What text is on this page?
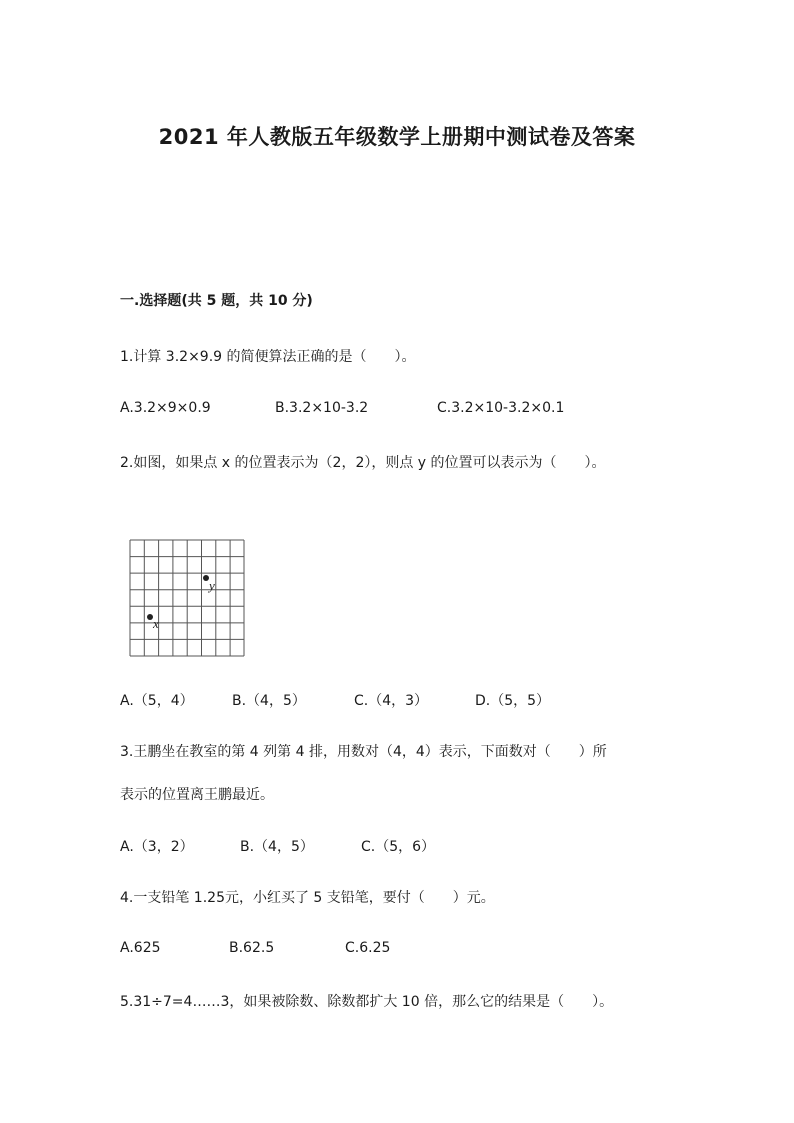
2021 年人教版五年级数学上册期中测试卷及答案
一.选择题(共 5 题，共 10 分)
1.计算 3.2×9.9 的简便算法正确的是（　　）。
A.3.2×9×0.9	B.3.2×10-3.2	C.3.2×10-3.2×0.1
2.如图，如果点 x 的位置表示为（2，2），则点 y 的位置可以表示为（　　）。
y
x
A.（5，4）	B.（4，5）	C.（4，3）	D.（5，5）
3.王鹏坐在教室的第 4 列第 4 排，用数对（4，4）表示，下面数对（　　）所
表示的位置离王鹏最近。
A.（3，2）	B.（4，5）	C.（5，6）
4.一支铅笔 1.25元，小红买了 5 支铅笔，要付（　　）元。
A.625	B.62.5	C.6.25
5.31÷7=4……3，如果被除数、除数都扩大 10 倍，那么它的结果是（　　）。
